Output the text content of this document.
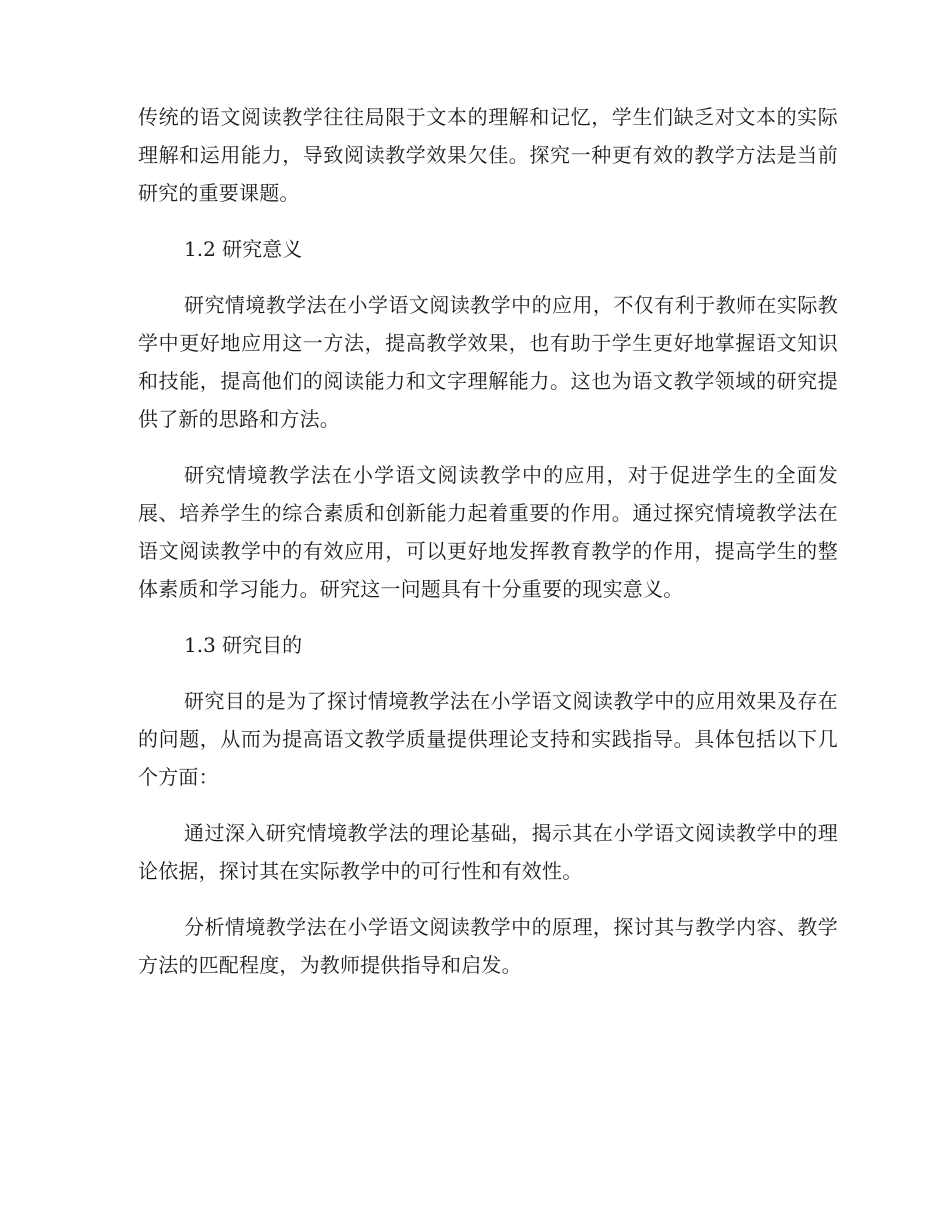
传统的语文阅读教学往往局限于文本的理解和记忆，学生们缺乏对文本的实际理解和运用能力，导致阅读教学效果欠佳。探究一种更有效的教学方法是当前研究的重要课题。

1.2 研究意义

研究情境教学法在小学语文阅读教学中的应用，不仅有利于教师在实际教学中更好地应用这一方法，提高教学效果，也有助于学生更好地掌握语文知识和技能，提高他们的阅读能力和文字理解能力。这也为语文教学领域的研究提供了新的思路和方法。

研究情境教学法在小学语文阅读教学中的应用，对于促进学生的全面发展、培养学生的综合素质和创新能力起着重要的作用。通过探究情境教学法在语文阅读教学中的有效应用，可以更好地发挥教育教学的作用，提高学生的整体素质和学习能力。研究这一问题具有十分重要的现实意义。

1.3 研究目的

研究目的是为了探讨情境教学法在小学语文阅读教学中的应用效果及存在的问题，从而为提高语文教学质量提供理论支持和实践指导。具体包括以下几个方面：

通过深入研究情境教学法的理论基础，揭示其在小学语文阅读教学中的理论依据，探讨其在实际教学中的可行性和有效性。

分析情境教学法在小学语文阅读教学中的原理，探讨其与教学内容、教学方法的匹配程度，为教师提供指导和启发。
